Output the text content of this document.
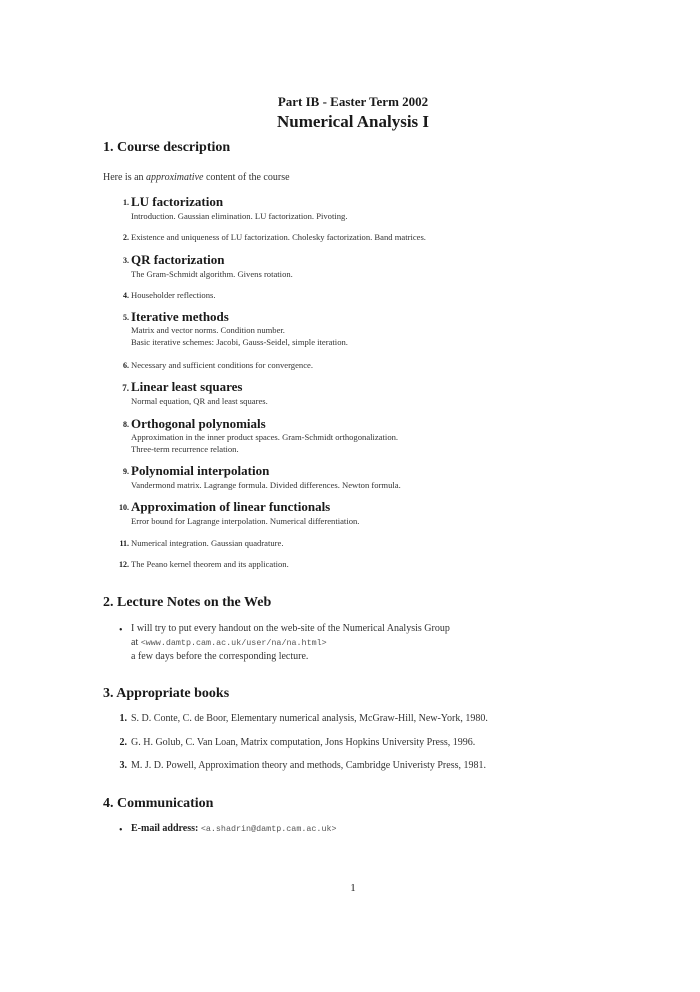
Part IB - Easter Term 2002
Numerical Analysis I
1. Course description
Here is an approximative content of the course
1. LU factorization
Introduction. Gaussian elimination. LU factorization. Pivoting.
2. Existence and uniqueness of LU factorization. Cholesky factorization. Band matrices.
3. QR factorization
The Gram-Schmidt algorithm. Givens rotation.
4. Householder reflections.
5. Iterative methods
Matrix and vector norms. Condition number.
Basic iterative schemes: Jacobi, Gauss-Seidel, simple iteration.
6. Necessary and sufficient conditions for convergence.
7. Linear least squares
Normal equation, QR and least squares.
8. Orthogonal polynomials
Approximation in the inner product spaces. Gram-Schmidt orthogonalization.
Three-term recurrence relation.
9. Polynomial interpolation
Vandermond matrix. Lagrange formula. Divided differences. Newton formula.
10. Approximation of linear functionals
Error bound for Lagrange interpolation. Numerical differentiation.
11. Numerical integration. Gaussian quadrature.
12. The Peano kernel theorem and its application.
2. Lecture Notes on the Web
• I will try to put every handout on the web-site of the Numerical Analysis Group
at <www.damtp.cam.ac.uk/user/na/na.html>
a few days before the corresponding lecture.
3. Appropriate books
1. S. D. Conte, C. de Boor, Elementary numerical analysis, McGraw-Hill, New-York, 1980.
2. G. H. Golub, C. Van Loan, Matrix computation, Jons Hopkins University Press, 1996.
3. M. J. D. Powell, Approximation theory and methods, Cambridge Univeristy Press, 1981.
4. Communication
• E-mail address: <a.shadrin@damtp.cam.ac.uk>
1
